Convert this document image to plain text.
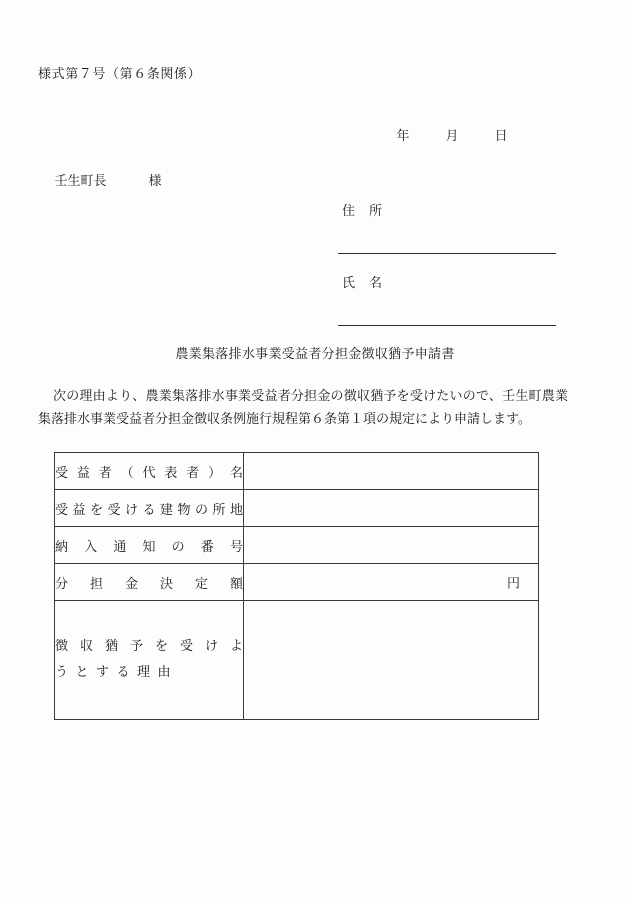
様式第７号（第６条関係）

年	月	日

壬生町長	様

住　所
氏　名
農業集落排水事業受益者分担金徴収猶予申請書
次の理由より、農業集落排水事業受益者分担金の徴収猶予を受けたいので、壬生町農業集落排水事業受益者分担金徴収条例施行規程第６条第１項の規定により申請します。
受益者（代表者）名	
受益を受ける建物の所地	
納入通知の番号	
分担金決定額	円

徴収猶予を受けよ
うとする理由	
